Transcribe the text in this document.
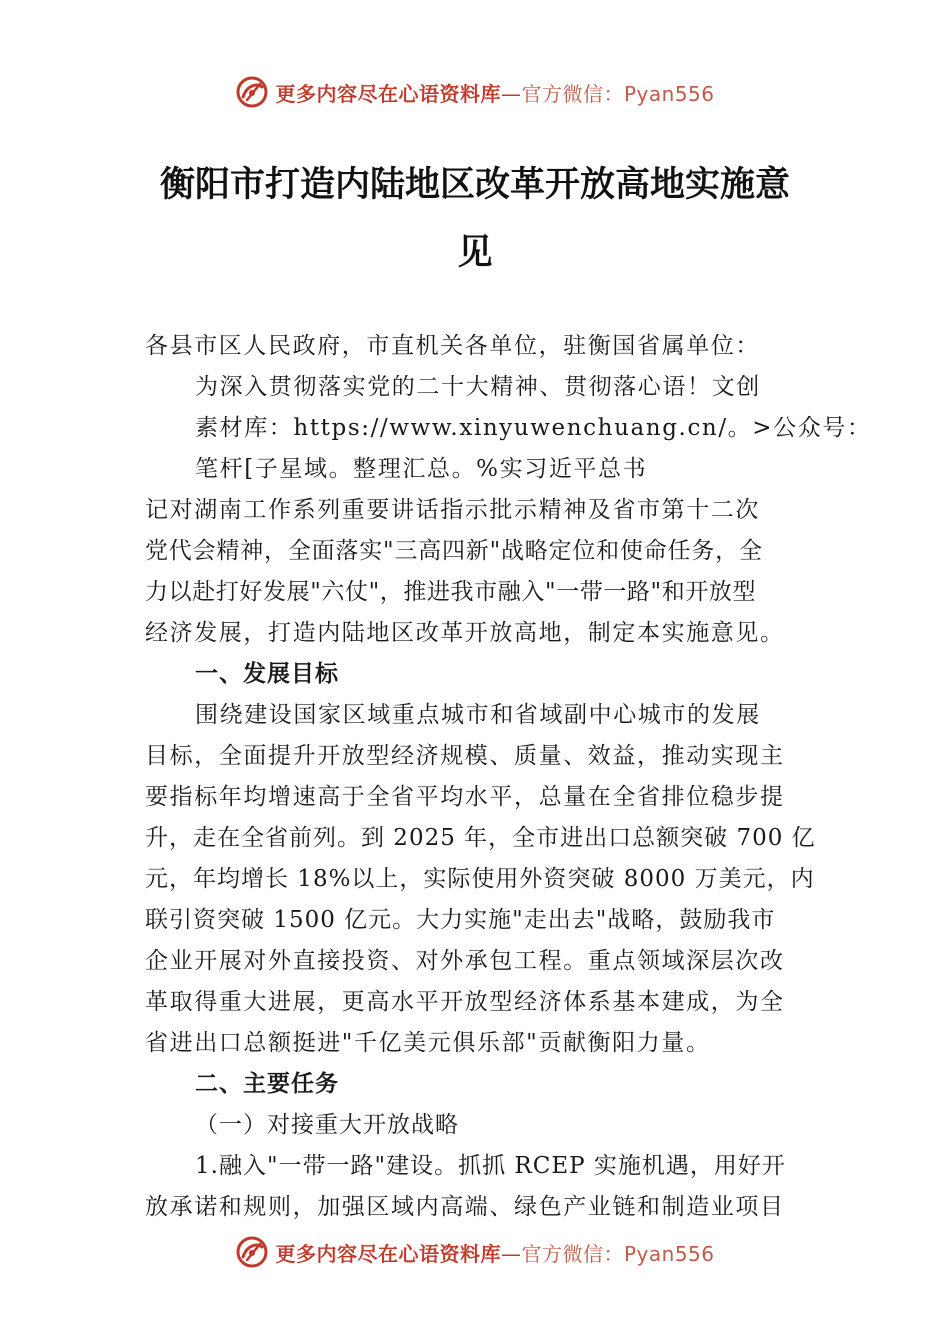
更多内容尽在心语资料库—官方微信：Pyan556
衡阳市打造内陆地区改革开放高地实施意
见
各县市区人民政府，市直机关各单位，驻衡国省属单位：
为深入贯彻落实党的二十大精神、贯彻落心语！文创
素材库：https://www.xinyuwenchuang.cn/。>公众号：
笔杆[子星域。整理汇总。%实习近平总书
记对湖南工作系列重要讲话指示批示精神及省市第十二次
党代会精神，全面落实"三高四新"战略定位和使命任务，全
力以赴打好发展"六仗"，推进我市融入"一带一路"和开放型
经济发展，打造内陆地区改革开放高地，制定本实施意见。
一、发展目标
围绕建设国家区域重点城市和省域副中心城市的发展
目标，全面提升开放型经济规模、质量、效益，推动实现主
要指标年均增速高于全省平均水平，总量在全省排位稳步提
升，走在全省前列。到 2025 年，全市进出口总额突破 700 亿
元，年均增长 18%以上，实际使用外资突破 8000 万美元，内
联引资突破 1500 亿元。大力实施"走出去"战略，鼓励我市
企业开展对外直接投资、对外承包工程。重点领域深层次改
革取得重大进展，更高水平开放型经济体系基本建成，为全
省进出口总额挺进"千亿美元俱乐部"贡献衡阳力量。
二、主要任务
（一）对接重大开放战略
1.融入"一带一路"建设。抓抓 RCEP 实施机遇，用好开
放承诺和规则，加强区域内高端、绿色产业链和制造业项目
更多内容尽在心语资料库—官方微信：Pyan556
